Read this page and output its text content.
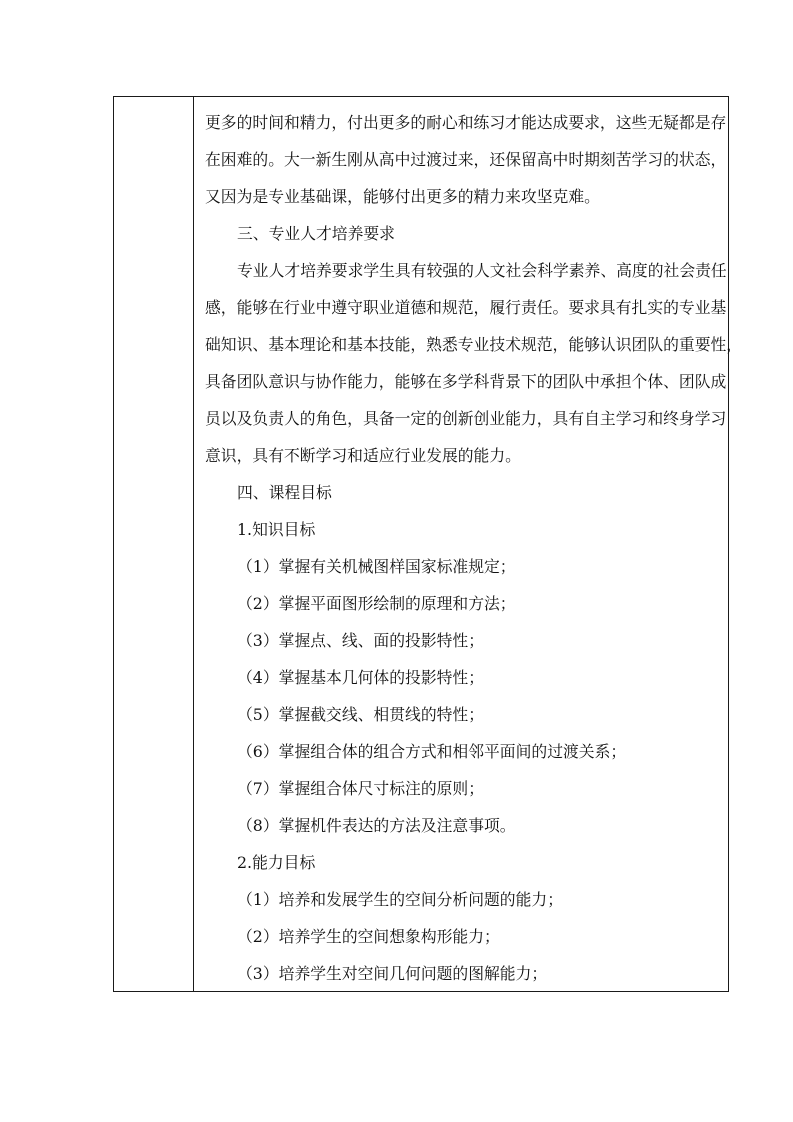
更多的时间和精力，付出更多的耐心和练习才能达成要求，这些无疑都是存
在困难的。大一新生刚从高中过渡过来，还保留高中时期刻苦学习的状态，
又因为是专业基础课，能够付出更多的精力来攻坚克难。
三、专业人才培养要求
专业人才培养要求学生具有较强的人文社会科学素养、高度的社会责任
感，能够在行业中遵守职业道德和规范，履行责任。要求具有扎实的专业基
础知识、基本理论和基本技能，熟悉专业技术规范，能够认识团队的重要性，
具备团队意识与协作能力，能够在多学科背景下的团队中承担个体、团队成
员以及负责人的角色，具备一定的创新创业能力，具有自主学习和终身学习
意识，具有不断学习和适应行业发展的能力。
四、课程目标
1.知识目标
（1）掌握有关机械图样国家标准规定；
（2）掌握平面图形绘制的原理和方法；
（3）掌握点、线、面的投影特性；
（4）掌握基本几何体的投影特性；
（5）掌握截交线、相贯线的特性；
（6）掌握组合体的组合方式和相邻平面间的过渡关系；
（7）掌握组合体尺寸标注的原则；
（8）掌握机件表达的方法及注意事项。
2.能力目标
（1）培养和发展学生的空间分析问题的能力；
（2）培养学生的空间想象构形能力；
（3）培养学生对空间几何问题的图解能力；
